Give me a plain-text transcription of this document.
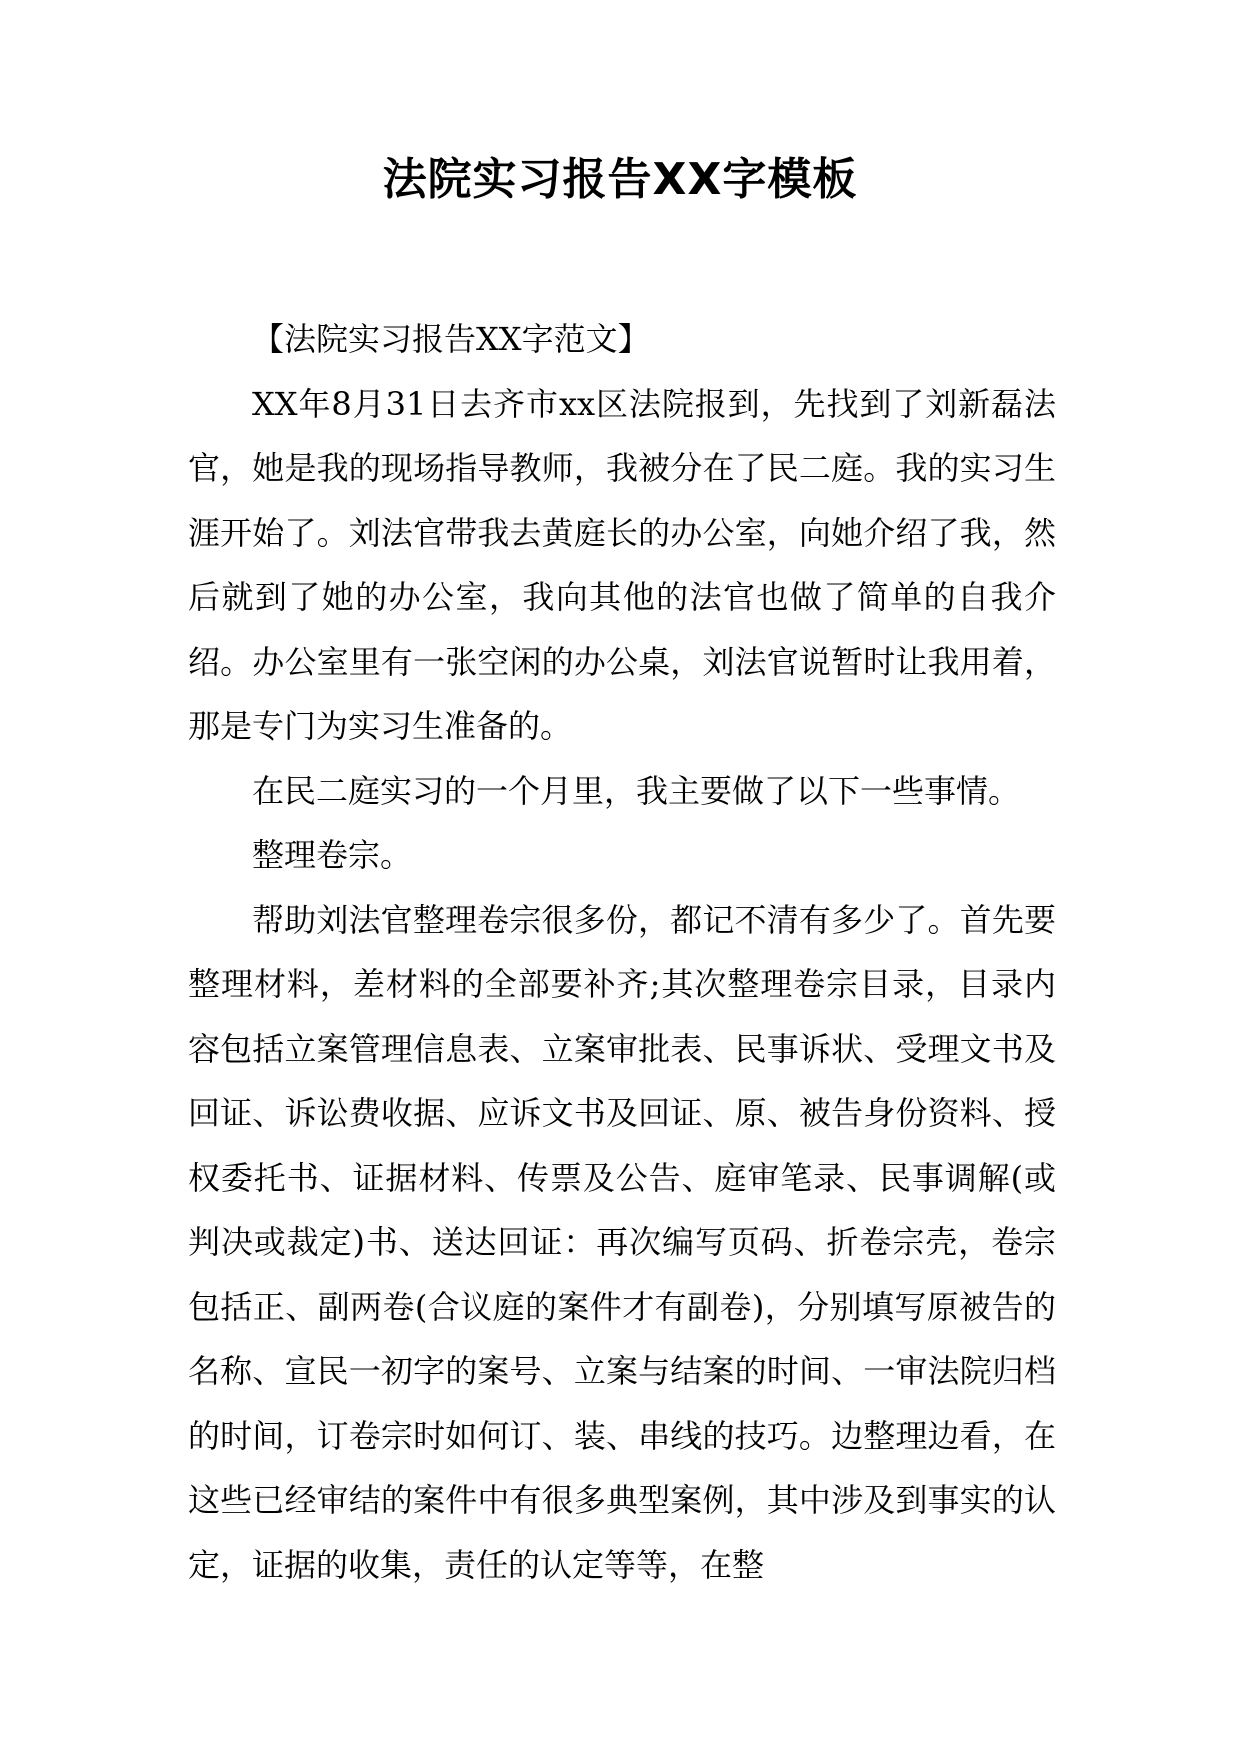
法院实习报告XX字模板

【法院实习报告XX字范文】

XX年8月31日去齐市xx区法院报到，先找到了刘新磊法官，她是我的现场指导教师，我被分在了民二庭。我的实习生涯开始了。刘法官带我去黄庭长的办公室，向她介绍了我，然后就到了她的办公室，我向其他的法官也做了简单的自我介绍。办公室里有一张空闲的办公桌，刘法官说暂时让我用着，那是专门为实习生准备的。

在民二庭实习的一个月里，我主要做了以下一些事情。

整理卷宗。

帮助刘法官整理卷宗很多份，都记不清有多少了。首先要整理材料，差材料的全部要补齐;其次整理卷宗目录，目录内容包括立案管理信息表、立案审批表、民事诉状、受理文书及回证、诉讼费收据、应诉文书及回证、原、被告身份资料、授权委托书、证据材料、传票及公告、庭审笔录、民事调解(或判决或裁定)书、送达回证：再次编写页码、折卷宗壳，卷宗包括正、副两卷(合议庭的案件才有副卷)，分别填写原被告的名称、宣民一初字的案号、立案与结案的时间、一审法院归档的时间，订卷宗时如何订、装、串线的技巧。边整理边看，在这些已经审结的案件中有很多典型案例，其中涉及到事实的认定，证据的收集，责任的认定等等，在整
